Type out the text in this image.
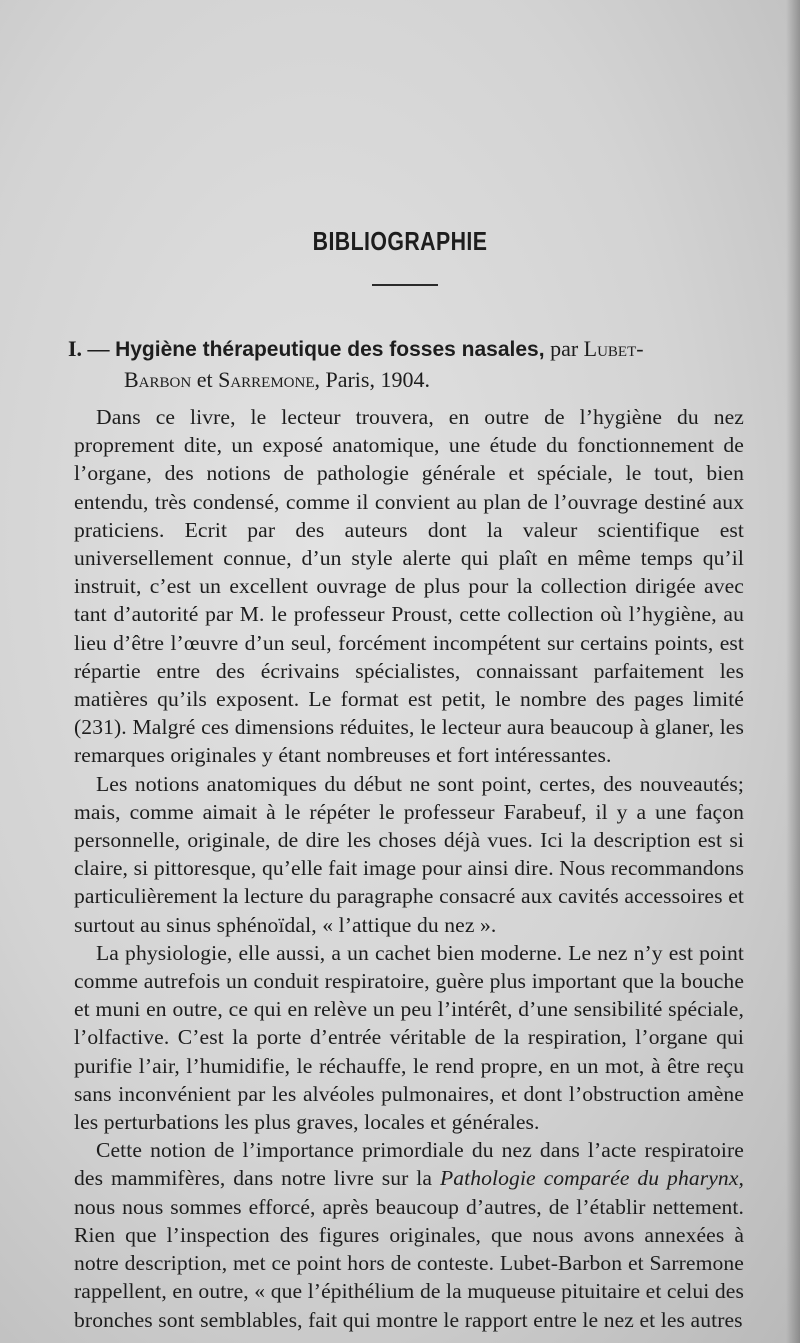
BIBLIOGRAPHIE
I. — Hygiène thérapeutique des fosses nasales, par Lubet-
Barbon et Sarremone, Paris, 1904.

Dans ce livre, le lecteur trouvera, en outre de l’hygiène du nez proprement dite, un exposé anatomique, une étude du fonctionnement de l’organe, des notions de pathologie générale et spéciale, le tout, bien entendu, très condensé, comme il convient au plan de l’ouvrage destiné aux praticiens. Ecrit par des auteurs dont la valeur scientifique est universellement connue, d’un style alerte qui plaît en même temps qu’il instruit, c’est un excellent ouvrage de plus pour la collection dirigée avec tant d’autorité par M. le professeur Proust, cette collection où l’hygiène, au lieu d’être l’œuvre d’un seul, forcément incompétent sur certains points, est répartie entre des écrivains spécialistes, connaissant parfaitement les matières qu’ils exposent. Le format est petit, le nombre des pages limité (231). Malgré ces dimensions réduites, le lecteur aura beaucoup à glaner, les remarques originales y étant nombreuses et fort intéressantes.

Les notions anatomiques du début ne sont point, certes, des nouveautés; mais, comme aimait à le répéter le professeur Farabeuf, il y a une façon personnelle, originale, de dire les choses déjà vues. Ici la description est si claire, si pittoresque, qu’elle fait image pour ainsi dire. Nous recommandons particulièrement la lecture du paragraphe consacré aux cavités accessoires et surtout au sinus sphénoïdal, « l’attique du nez ».

La physiologie, elle aussi, a un cachet bien moderne. Le nez n’y est point comme autrefois un conduit respiratoire, guère plus important que la bouche et muni en outre, ce qui en relève un peu l’intérêt, d’une sensibilité spéciale, l’olfactive. C’est la porte d’entrée véritable de la respiration, l’organe qui purifie l’air, l’humidifie, le réchauffe, le rend propre, en un mot, à être reçu sans inconvénient par les alvéoles pulmonaires, et dont l’obstruction amène les perturbations les plus graves, locales et générales.

Cette notion de l’importance primordiale du nez dans l’acte respiratoire des mammifères, dans notre livre sur la Pathologie comparée du pharynx, nous nous sommes efforcé, après beaucoup d’autres, de l’établir nettement. Rien que l’inspection des figures originales, que nous avons annexées à notre description, met ce point hors de conteste. Lubet-Barbon et Sarremone rappellent, en outre, « que l’épithélium de la muqueuse pituitaire et celui des bronches sont semblables, fait qui montre le rapport entre le nez et les autres
